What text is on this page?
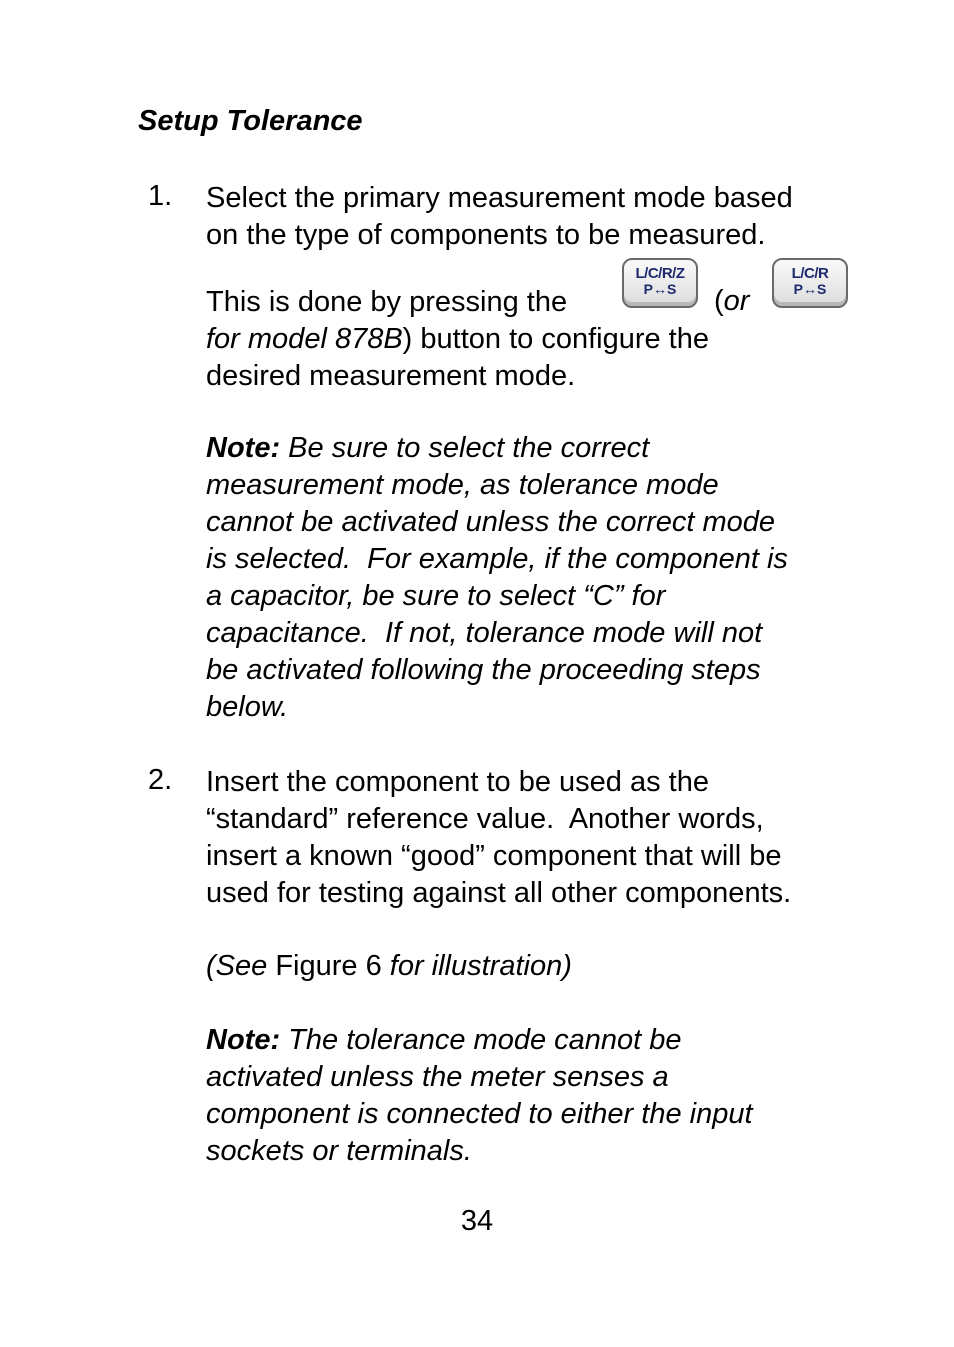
Setup Tolerance
1. Select the primary measurement mode based
on the type of components to be measured.
This is done by pressing the
L/C/R/Z
P↔S	(or
L/C/R
P↔S
for model 878B) button to configure the
desired measurement mode.
Note: Be sure to select the correct
measurement mode, as tolerance mode
cannot be activated unless the correct mode
is selected.  For example, if the component is
a capacitor, be sure to select “C” for
capacitance.  If not, tolerance mode will not
be activated following the proceeding steps
below.
2. Insert the component to be used as the
“standard” reference value.  Another words,
insert a known “good” component that will be
used for testing against all other components.
(See Figure 6 for illustration)
Note: The tolerance mode cannot be
activated unless the meter senses a
component is connected to either the input
sockets or terminals.
34
